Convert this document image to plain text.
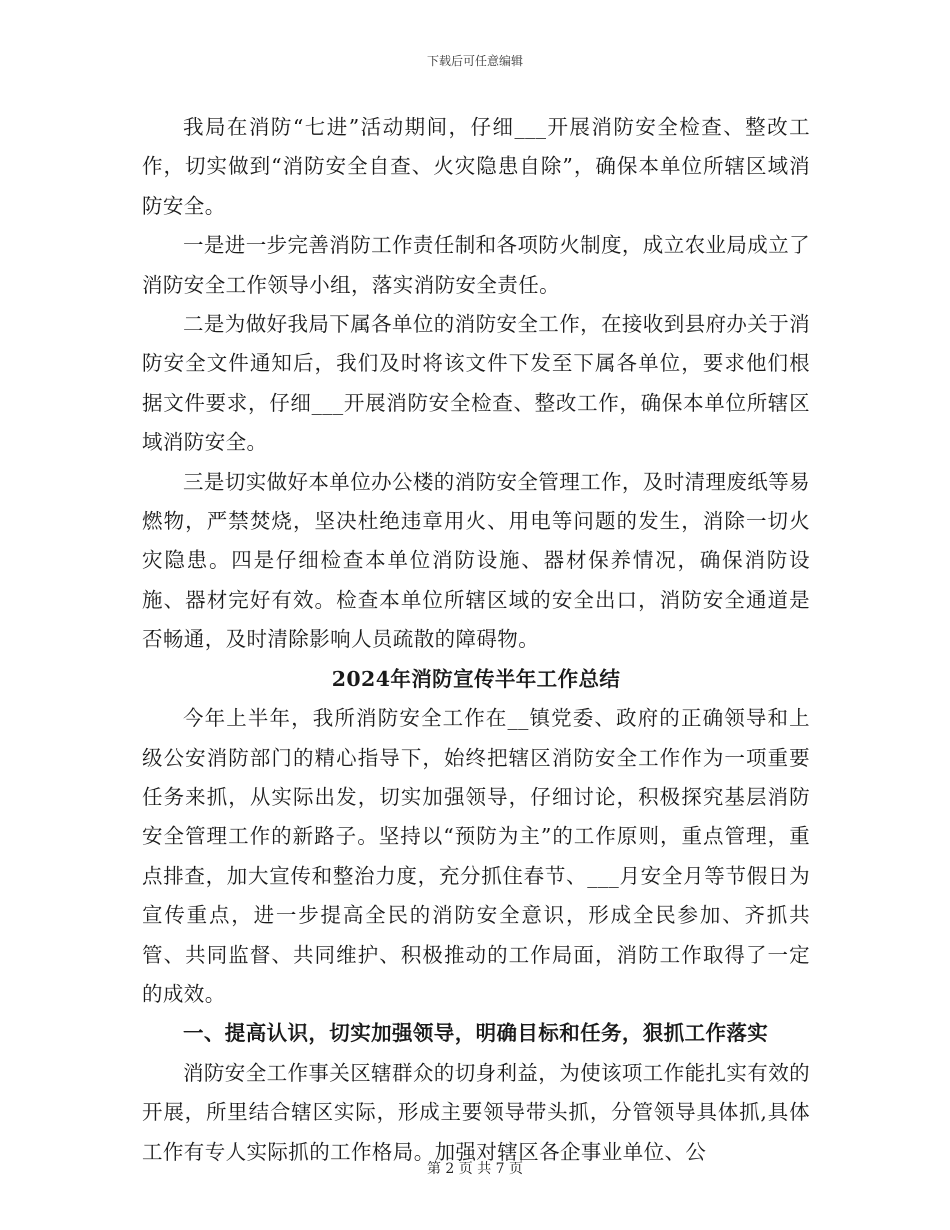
下载后可任意编辑

我局在消防“七进”活动期间，仔细___开展消防安全检查、整改工作，切实做到“消防安全自查、火灾隐患自除”，确保本单位所辖区域消防安全。

一是进一步完善消防工作责任制和各项防火制度，成立农业局成立了消防安全工作领导小组，落实消防安全责任。

二是为做好我局下属各单位的消防安全工作，在接收到县府办关于消防安全文件通知后，我们及时将该文件下发至下属各单位，要求他们根据文件要求，仔细___开展消防安全检查、整改工作，确保本单位所辖区域消防安全。

三是切实做好本单位办公楼的消防安全管理工作，及时清理废纸等易燃物，严禁焚烧，坚决杜绝违章用火、用电等问题的发生，消除一切火灾隐患。四是仔细检查本单位消防设施、器材保养情况，确保消防设施、器材完好有效。检查本单位所辖区域的安全出口，消防安全通道是否畅通，及时清除影响人员疏散的障碍物。

2024年消防宣传半年工作总结

今年上半年，我所消防安全工作在__镇党委、政府的正确领导和上级公安消防部门的精心指导下，始终把辖区消防安全工作作为一项重要任务来抓，从实际出发，切实加强领导，仔细讨论，积极探究基层消防安全管理工作的新路子。坚持以“预防为主”的工作原则，重点管理，重点排查，加大宣传和整治力度，充分抓住春节、___月安全月等节假日为宣传重点，进一步提高全民的消防安全意识，形成全民参加、齐抓共管、共同监督、共同维护、积极推动的工作局面，消防工作取得了一定的成效。

一、提高认识，切实加强领导，明确目标和任务，狠抓工作落实

消防安全工作事关区辖群众的切身利益，为使该项工作能扎实有效的开展，所里结合辖区实际，形成主要领导带头抓，分管领导具体抓,具体工作有专人实际抓的工作格局。加强对辖区各企事业单位、公

第 2 页 共 7 页
